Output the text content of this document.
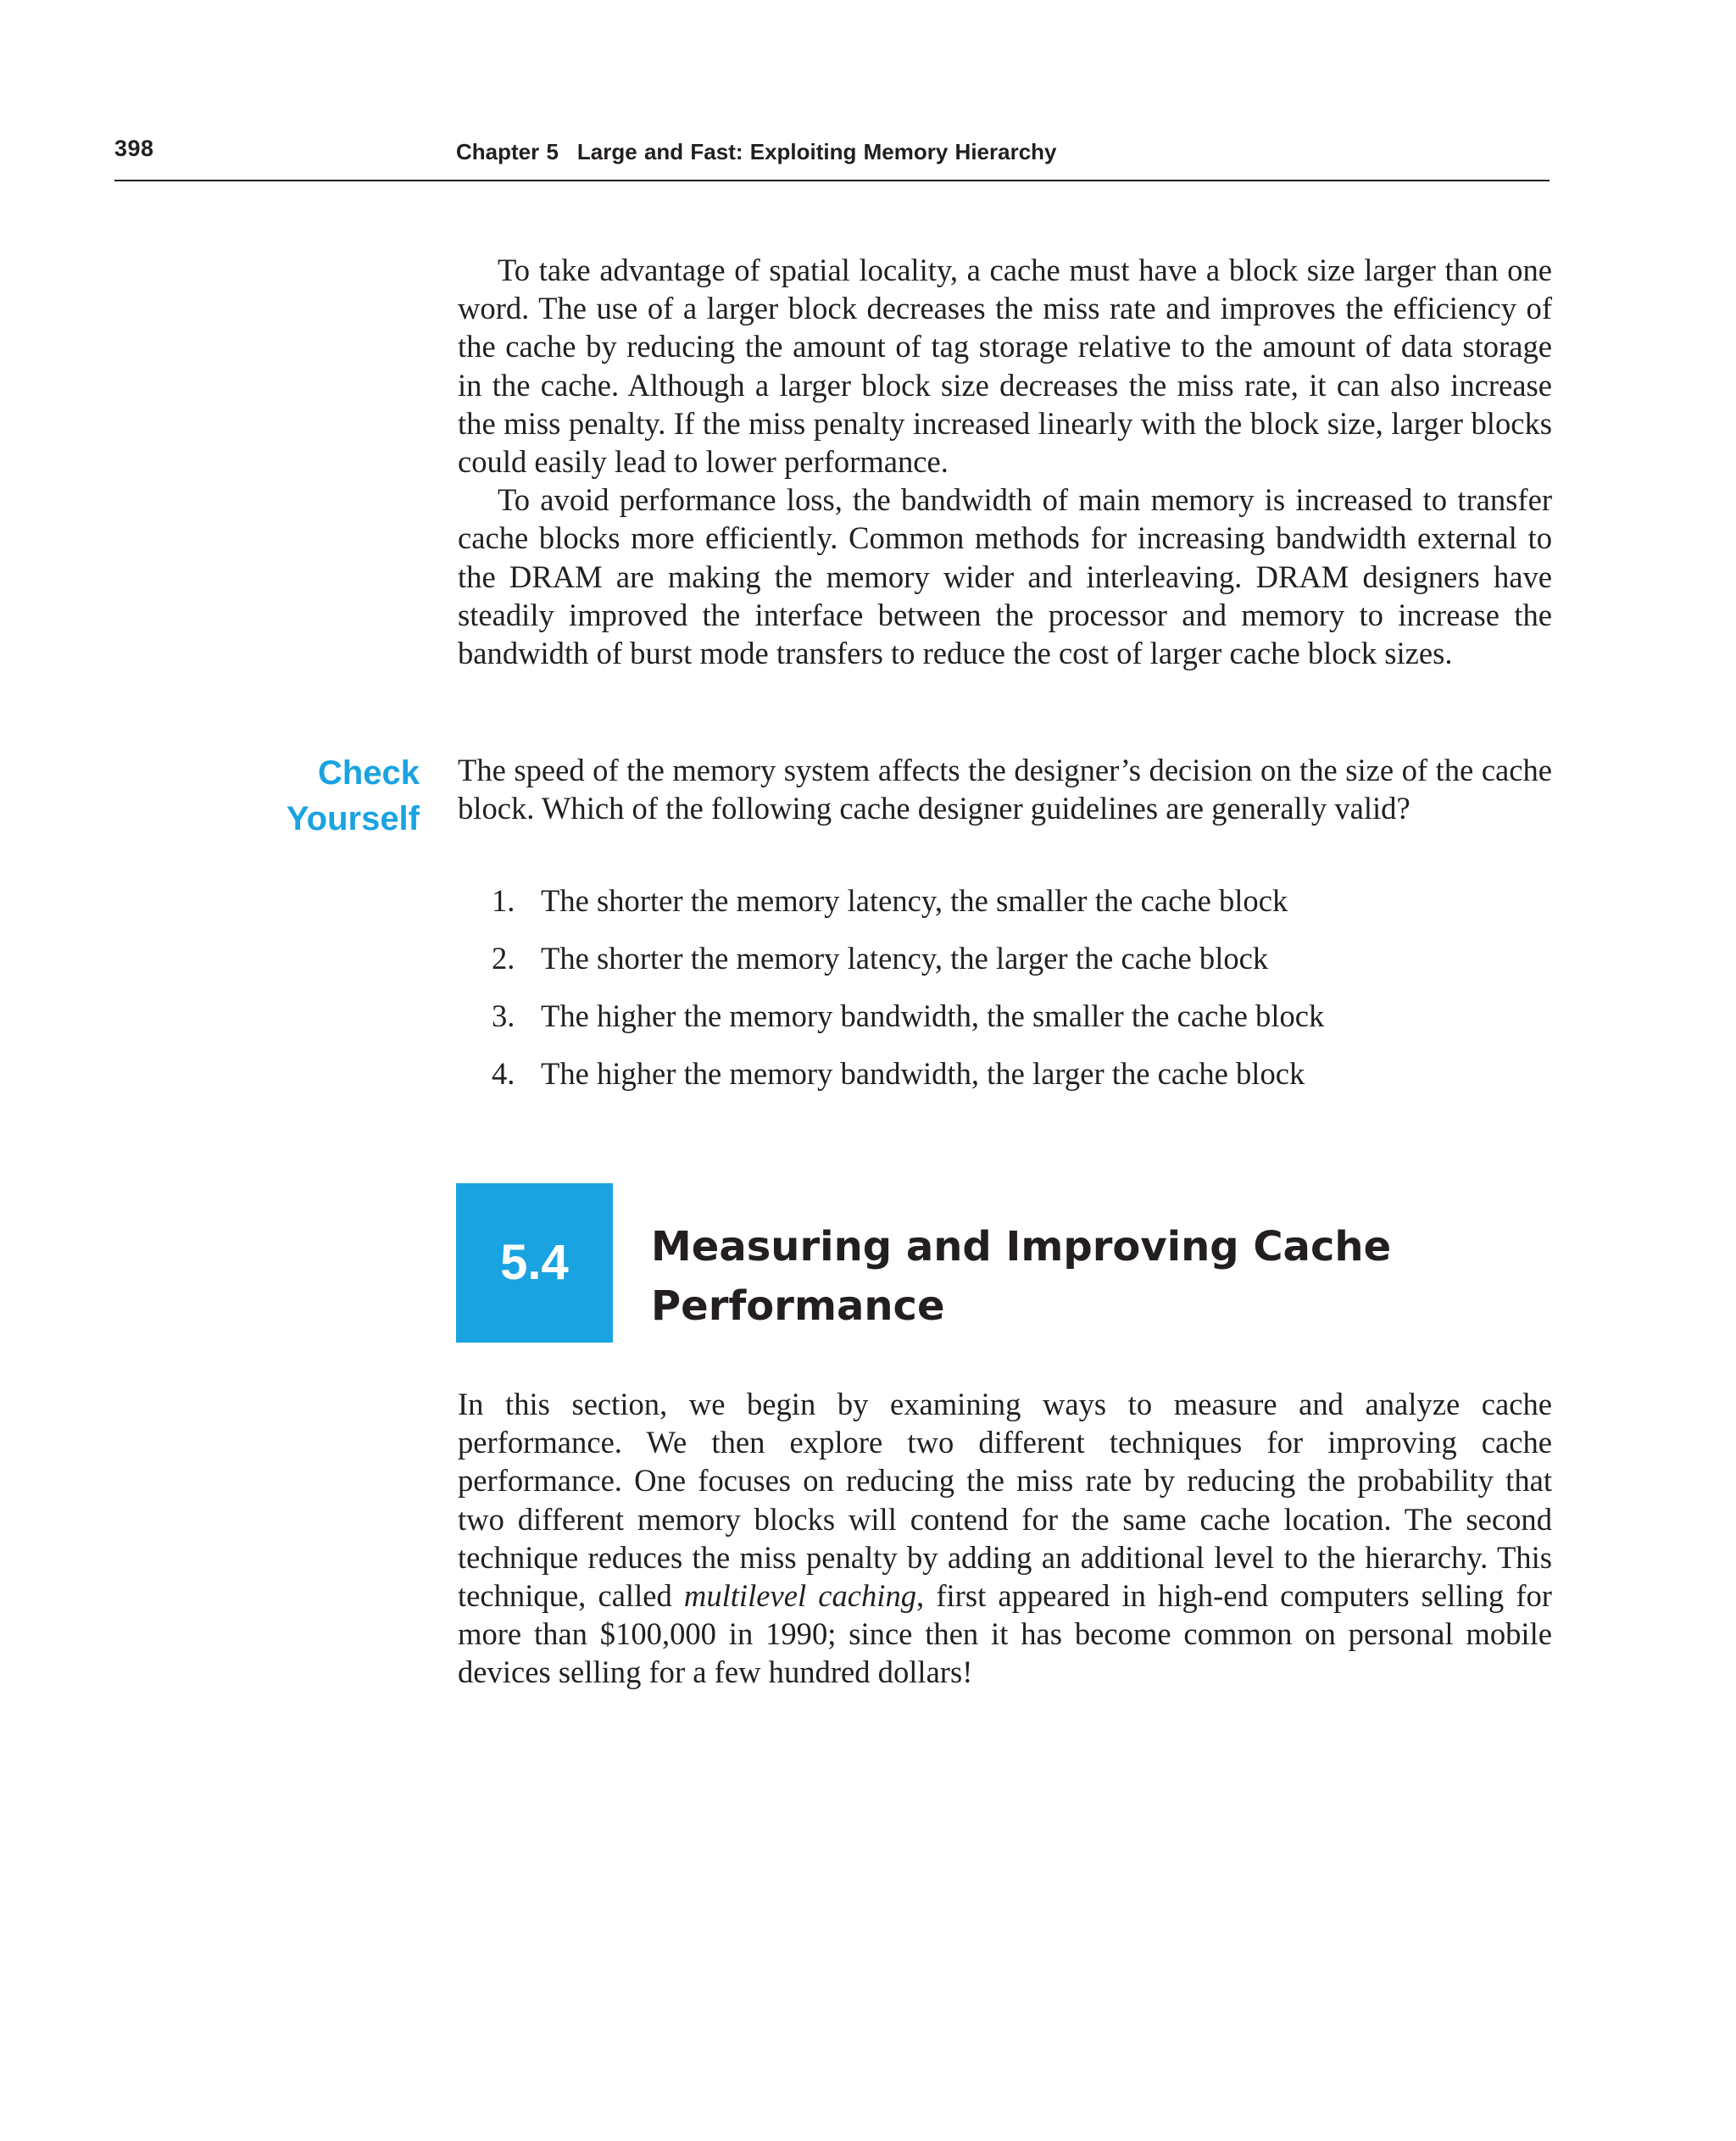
398	Chapter 5 Large and Fast: Exploiting Memory Hierarchy

To take advantage of spatial locality, a cache must have a block size larger than one word. The use of a larger block decreases the miss rate and improves the efficiency of the cache by reducing the amount of tag storage relative to the amount of data storage in the cache. Although a larger block size decreases the miss rate, it can also increase the miss penalty. If the miss penalty increased linearly with the block size, larger blocks could easily lead to lower performance.

To avoid performance loss, the bandwidth of main memory is increased to transfer cache blocks more efficiently. Common methods for increasing bandwidth external to the DRAM are making the memory wider and interleaving. DRAM designers have steadily improved the interface between the processor and memory to increase the bandwidth of burst mode transfers to reduce the cost of larger cache block sizes.

Check
Yourself

The speed of the memory system affects the designer’s decision on the size of the cache block. Which of the following cache designer guidelines are generally valid?

1. The shorter the memory latency, the smaller the cache block
2. The shorter the memory latency, the larger the cache block
3. The higher the memory bandwidth, the smaller the cache block
4. The higher the memory bandwidth, the larger the cache block
5.4	Measuring and Improving Cache
Performance

In this section, we begin by examining ways to measure and analyze cache performance. We then explore two different techniques for improving cache performance. One focuses on reducing the miss rate by reducing the probability that two different memory blocks will contend for the same cache location. The second technique reduces the miss penalty by adding an additional level to the hierarchy. This technique, called multilevel caching, first appeared in high-end computers selling for more than $100,000 in 1990; since then it has become common on personal mobile devices selling for a few hundred dollars!
